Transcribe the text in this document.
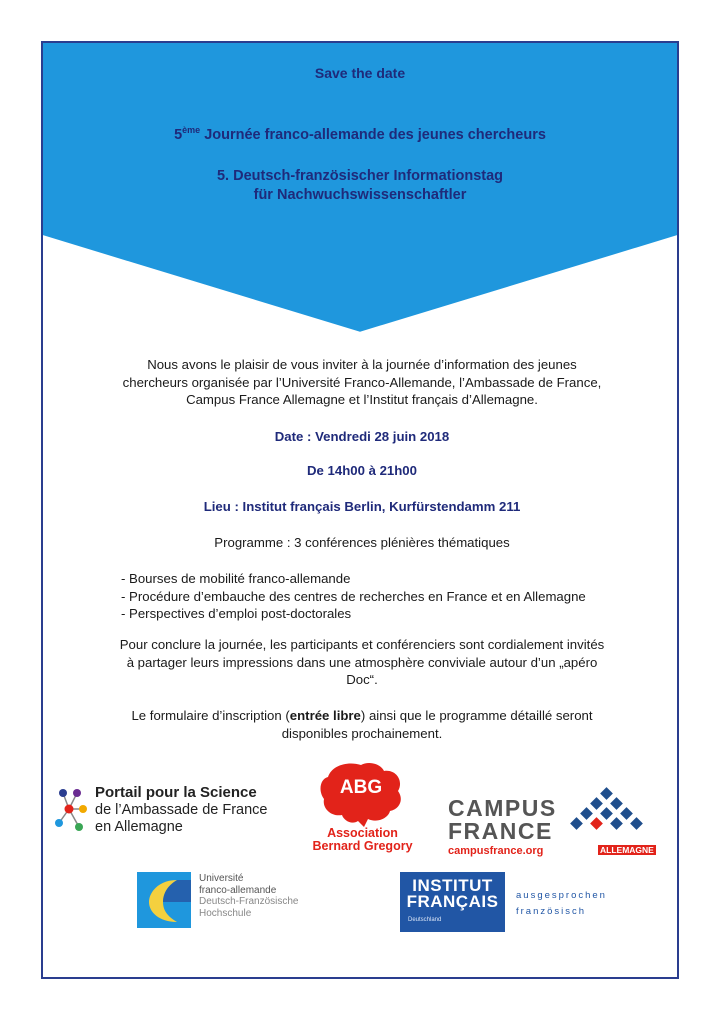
Save the date
5ème Journée franco-allemande des jeunes chercheurs
5. Deutsch-französischer Informationstag
für Nachwuchswissenschaftler
Nous avons le plaisir de vous inviter à la journée d’information des jeunes
chercheurs organisée par l’Université Franco-Allemande, l’Ambassade de France,
Campus France Allemagne et l’Institut français d’Allemagne.
Date : Vendredi 28 juin 2018
De 14h00 à 21h00
Lieu : Institut français Berlin, Kurfürstendamm 211
Programme : 3 conférences plénières thématiques
- Bourses de mobilité franco-allemande
- Procédure d’embauche des centres de recherches en France et en Allemagne
- Perspectives d’emploi post-doctorales
Pour conclure la journée, les participants et conférenciers sont cordialement invités
à partager leurs impressions dans une atmosphère conviviale autour d’un „apéro
Doc“.
Le formulaire d’inscription (entrée libre) ainsi que le programme détaillé seront
disponibles prochainement.
Portail pour la Science
de l’Ambassade de France
en Allemagne
ABG
Association
Bernard Gregory
CAMPUS
FRANCE
campusfrance.org	ALLEMAGNE
Université
franco-allemande
Deutsch-Französische
Hochschule
INSTITUT
FRANÇAIS
Deutschland
ausgesprochen
französisch
